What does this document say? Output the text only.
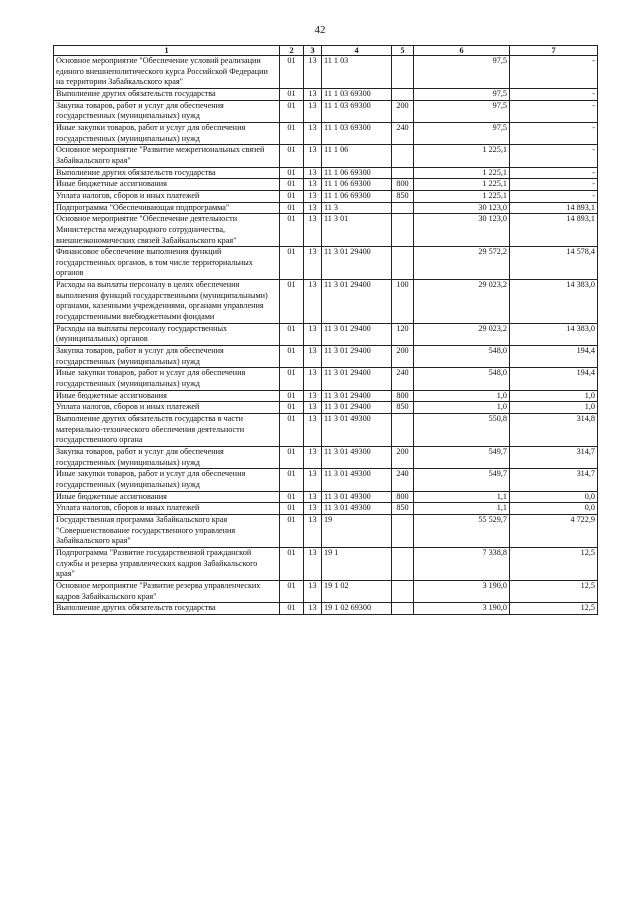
42
1	2	3	4	5	6	7
Основное мероприятие "Обеспечение условий реализации единого внешнеполитического курса Российской Федерации на территории Забайкальского края"	01	13	11 1 03		97,5	-
Выполнение других обязательств государства	01	13	11 1 03 69300		97,5	-
Закупка товаров, работ и услуг для обеспечения государственных (муниципальных) нужд	01	13	11 1 03 69300	200	97,5	-
Иные закупки товаров, работ и услуг для обеспечения государственных (муниципальных) нужд	01	13	11 1 03 69300	240	97,5	-
Основное мероприятие "Развитие межрегиональных связей Забайкальского края"	01	13	11 1 06		1 225,1	-
Выполнение других обязательств государства	01	13	11 1 06 69300		1 225,1	-
Иные бюджетные ассигнования	01	13	11 1 06 69300	800	1 225,1	-
Уплата налогов, сборов и иных платежей	01	13	11 1 06 69300	850	1 225,1	-
Подпрограмма "Обеспечивающая подпрограмма"	01	13	11 3		30 123,0	14 893,1
Основное мероприятие "Обеспечение деятельности Министерства международного сотрудничества, внешнеэкономических связей Забайкальского края"	01	13	11 3 01		30 123,0	14 893,1
Финансовое обеспечение выполнения функций государственных органов, в том числе территориальных органов	01	13	11 3 01 29400		29 572,2	14 578,4
Расходы на выплаты персоналу в целях обеспечения выполнения функций государственными (муниципальными) органами, казенными учреждениями, органами управления государственными внебюджетными фондами	01	13	11 3 01 29400	100	29 023,2	14 383,0
Расходы на выплаты персоналу государственных (муниципальных) органов	01	13	11 3 01 29400	120	29 023,2	14 383,0
Закупка товаров, работ и услуг для обеспечения государственных (муниципальных) нужд	01	13	11 3 01 29400	200	548,0	194,4
Иные закупки товаров, работ и услуг для обеспечения государственных (муниципальных) нужд	01	13	11 3 01 29400	240	548,0	194,4
Иные бюджетные ассигнования	01	13	11 3 01 29400	800	1,0	1,0
Уплата налогов, сборов и иных платежей	01	13	11 3 01 29400	850	1,0	1,0
Выполнение других обязательств государства в части материально-технического обеспечения деятельности государственного органа	01	13	11 3 01 49300		550,8	314,8
Закупка товаров, работ и услуг для обеспечения государственных (муниципальных) нужд	01	13	11 3 01 49300	200	549,7	314,7
Иные закупки товаров, работ и услуг для обеспечения государственных (муниципальных) нужд	01	13	11 3 01 49300	240	549,7	314,7
Иные бюджетные ассигнования	01	13	11 3 01 49300	800	1,1	0,0
Уплата налогов, сборов и иных платежей	01	13	11 3 01 49300	850	1,1	0,0
Государственная программа Забайкальского края "Совершенствование государственного управления Забайкальского края"	01	13	19		55 529,7	4 722,9
Подпрограмма "Развитие государственной гражданской службы и резерва управленческих кадров Забайкальского края"	01	13	19 1		7 338,8	12,5
Основное мероприятие "Развитие резерва управленческих кадров Забайкальского края"	01	13	19 1 02		3 190,0	12,5
Выполнение других обязательств государства	01	13	19 1 02 69300		3 190,0	12,5
